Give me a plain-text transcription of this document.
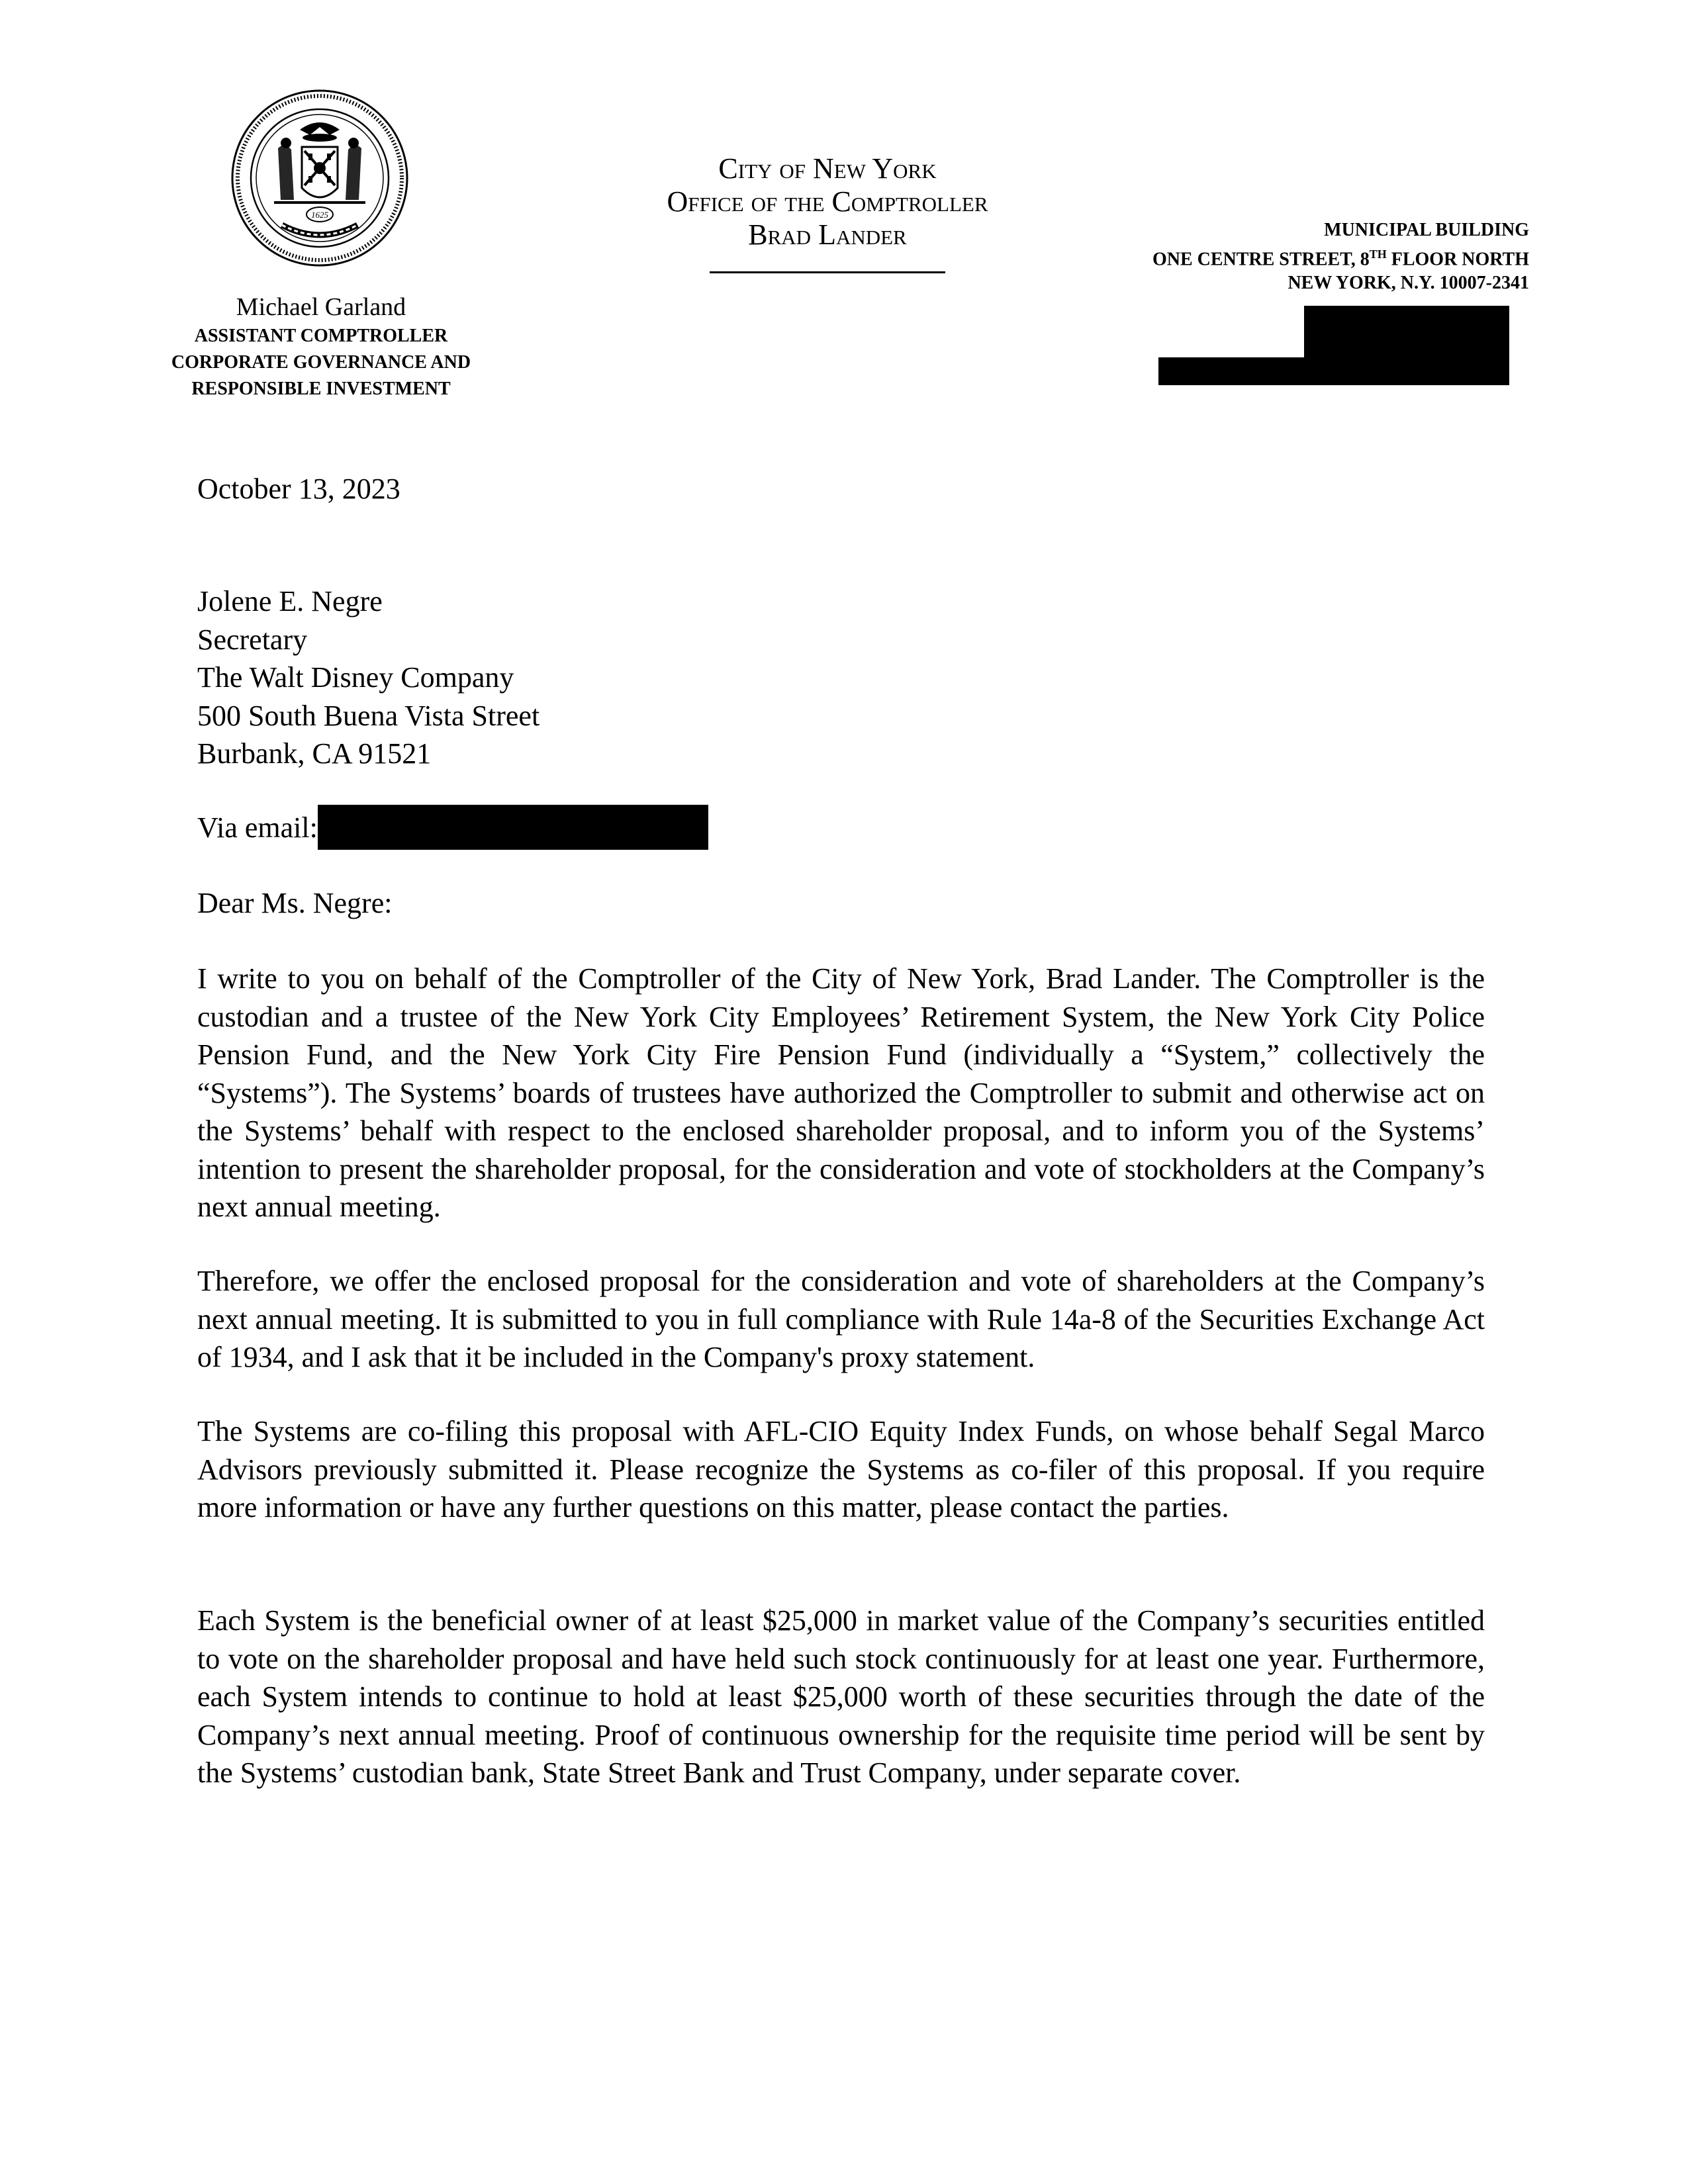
1625
Michael Garland
ASSISTANT COMPTROLLER
CORPORATE GOVERNANCE AND
RESPONSIBLE INVESTMENT
City of New York
Office of the Comptroller
Brad Lander	MUNICIPAL BUILDING
ONE CENTRE STREET, 8TH FLOOR NORTH
NEW YORK, N.Y. 10007-2341
October 13, 2023
Jolene E. Negre
Secretary
The Walt Disney Company
500 South Buena Vista Street
Burbank, CA 91521
Via email:
Dear Ms. Negre:
I write to you on behalf of the Comptroller of the City of New York, Brad Lander. The Comptroller is the custodian and a trustee of the New York City Employees’ Retirement System, the New York City Police Pension Fund, and the New York City Fire Pension Fund (individually a “System,” collectively the “Systems”). The Systems’ boards of trustees have authorized the Comptroller to submit and otherwise act on the Systems’ behalf with respect to the enclosed shareholder proposal, and to inform you of the Systems’ intention to present the shareholder proposal, for the consideration and vote of stockholders at the Company’s next annual meeting.
Therefore, we offer the enclosed proposal for the consideration and vote of shareholders at the Company’s next annual meeting. It is submitted to you in full compliance with Rule 14a-8 of the Securities Exchange Act of 1934, and I ask that it be included in the Company's proxy statement.
The Systems are co-filing this proposal with AFL-CIO Equity Index Funds, on whose behalf Segal Marco Advisors previously submitted it. Please recognize the Systems as co-filer of this proposal. If you require more information or have any further questions on this matter, please contact the parties.
Each System is the beneficial owner of at least $25,000 in market value of the Company’s securities entitled to vote on the shareholder proposal and have held such stock continuously for at least one year. Furthermore, each System intends to continue to hold at least $25,000 worth of these securities through the date of the Company’s next annual meeting. Proof of continuous ownership for the requisite time period will be sent by the Systems’ custodian bank, State Street Bank and Trust Company, under separate cover.
